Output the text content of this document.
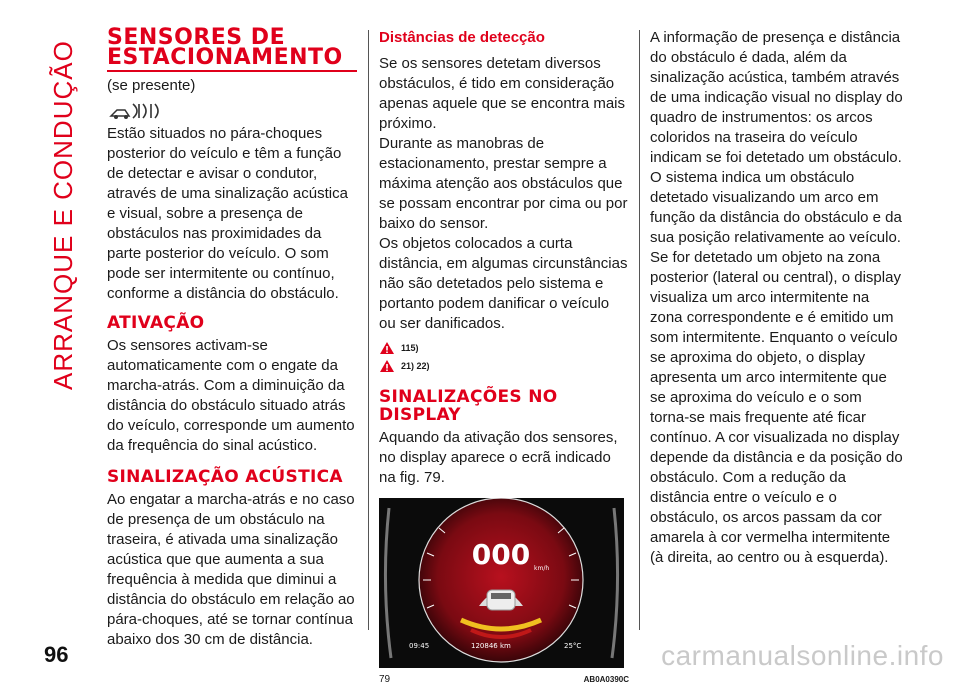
ARRANQUE E CONDUÇÃO
SENSORES DE
ESTACIONAMENTO

(se presente)

Estão situados no pára-choques posterior do veículo e têm a função de detectar e avisar o condutor, através de uma sinalização acústica e visual, sobre a presença de obstáculos nas proximidades da parte posterior do veículo. O som pode ser intermitente ou contínuo, conforme a distância do obstáculo.

ATIVAÇÃO

Os sensores activam-se automaticamente com o engate da marcha-atrás. Com a diminuição da distância do obstáculo situado atrás do veículo, corresponde um aumento da frequência do sinal acústico.

SINALIZAÇÃO ACÚSTICA

Ao engatar a marcha-atrás e no caso de presença de um obstáculo na traseira, é ativada uma sinalização acústica que que aumenta a sua frequência à medida que diminui a distância do obstáculo em relação ao pára-choques, até se tornar contínua abaixo dos 30 cm de distância.

Distâncias de detecção

Se os sensores detetam diversos obstáculos, é tido em consideração apenas aquele que se encontra mais próximo.

Durante as manobras de estacionamento, prestar sempre a máxima atenção aos obstáculos que se possam encontrar por cima ou por baixo do sensor.

Os objetos colocados a curta distância, em algumas circunstâncias não são detetados pelo sistema e portanto podem danificar o veículo ou ser danificados.

115)
21) 22)
SINALIZAÇÕES NO
DISPLAY

Aquando da ativação dos sensores, no display aparece o ecrã indicado na fig. 79.

000 km/h
09:45	120846 km	25°C
79	AB0A0390C

A informação de presença e distância do obstáculo é dada, além da sinalização acústica, também através de uma indicação visual no display do quadro de instrumentos: os arcos coloridos na traseira do veículo indicam se foi detetado um obstáculo. O sistema indica um obstáculo detetado visualizando um arco em função da distância do obstáculo e da sua posição relativamente ao veículo. Se for detetado um objeto na zona posterior (lateral ou central), o display visualiza um arco intermitente na zona correspondente e é emitido um som intermitente. Enquanto o veículo se aproxima do objeto, o display apresenta um arco intermitente que se aproxima do veículo e o som torna-se mais frequente até ficar contínuo. A cor visualizada no display depende da distância e da posição do obstáculo. Com a redução da distância entre o veículo e o obstáculo, os arcos passam da cor amarela à cor vermelha intermitente (à direita, ao centro ou à esquerda).

96	carmanualsonline.info
